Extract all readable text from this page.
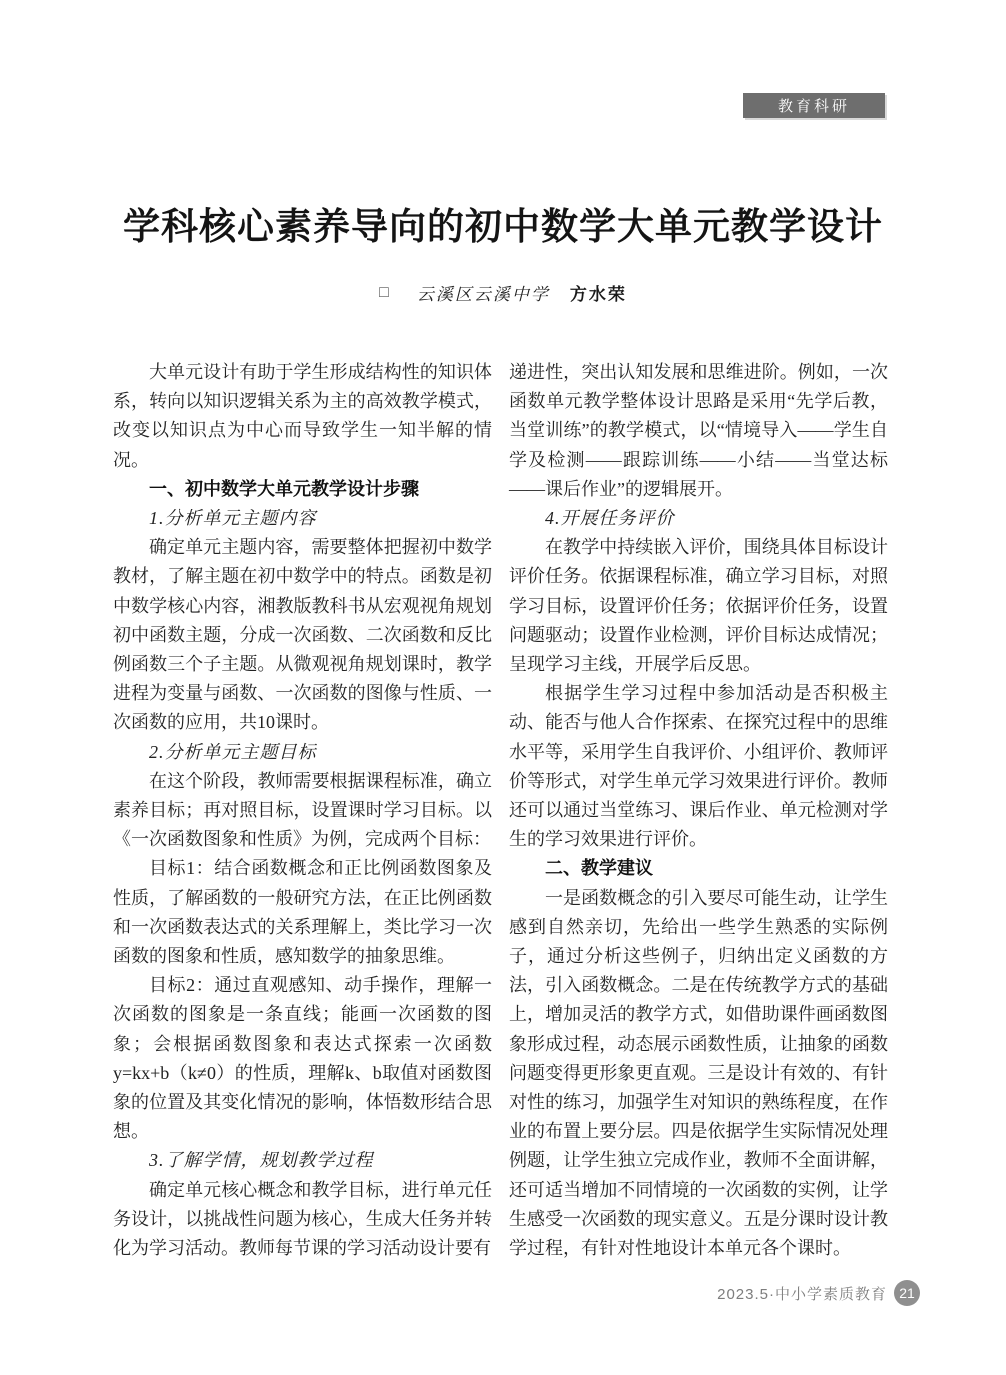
教育科研
学科核心素养导向的初中数学大单元教学设计
□ 云溪区云溪中学 方水荣

大单元设计有助于学生形成结构性的知识体系，转向以知识逻辑关系为主的高效教学模式，改变以知识点为中心而导致学生一知半解的情况。

一、初中数学大单元教学设计步骤

1.分析单元主题内容

确定单元主题内容，需要整体把握初中数学教材，了解主题在初中数学中的特点。函数是初中数学核心内容，湘教版教科书从宏观视角规划初中函数主题，分成一次函数、二次函数和反比例函数三个子主题。从微观视角规划课时，教学进程为变量与函数、一次函数的图像与性质、一次函数的应用，共10课时。

2.分析单元主题目标

在这个阶段，教师需要根据课程标准，确立素养目标；再对照目标，设置课时学习目标。以《一次函数图象和性质》为例，完成两个目标：

目标1：结合函数概念和正比例函数图象及性质，了解函数的一般研究方法，在正比例函数和一次函数表达式的关系理解上，类比学习一次函数的图象和性质，感知数学的抽象思维。

目标2：通过直观感知、动手操作，理解一次函数的图象是一条直线；能画一次函数的图象；会根据函数图象和表达式探索一次函数y=kx+b（k≠0）的性质，理解k、b取值对函数图象的位置及其变化情况的影响，体悟数形结合思想。

3.了解学情，规划教学过程

确定单元核心概念和教学目标，进行单元任务设计，以挑战性问题为核心，生成大任务并转化为学习活动。教师每节课的学习活动设计要有

递进性，突出认知发展和思维进阶。例如，一次函数单元教学整体设计思路是采用“先学后教，当堂训练”的教学模式，以“情境导入——学生自学及检测——跟踪训练——小结——当堂达标——课后作业”的逻辑展开。

4.开展任务评价

在教学中持续嵌入评价，围绕具体目标设计评价任务。依据课程标准，确立学习目标，对照学习目标，设置评价任务；依据评价任务，设置问题驱动；设置作业检测，评价目标达成情况；呈现学习主线，开展学后反思。

根据学生学习过程中参加活动是否积极主动、能否与他人合作探索、在探究过程中的思维水平等，采用学生自我评价、小组评价、教师评价等形式，对学生单元学习效果进行评价。教师还可以通过当堂练习、课后作业、单元检测对学生的学习效果进行评价。

二、教学建议

一是函数概念的引入要尽可能生动，让学生感到自然亲切，先给出一些学生熟悉的实际例子，通过分析这些例子，归纳出定义函数的方法，引入函数概念。二是在传统教学方式的基础上，增加灵活的教学方式，如借助课件画函数图象形成过程，动态展示函数性质，让抽象的函数问题变得更形象更直观。三是设计有效的、有针对性的练习，加强学生对知识的熟练程度，在作业的布置上要分层。四是依据学生实际情况处理例题，让学生独立完成作业，教师不全面讲解，还可适当增加不同情境的一次函数的实例，让学生感受一次函数的现实意义。五是分课时设计教学过程，有针对性地设计本单元各个课时。

2023.5·中小学素质教育 21
